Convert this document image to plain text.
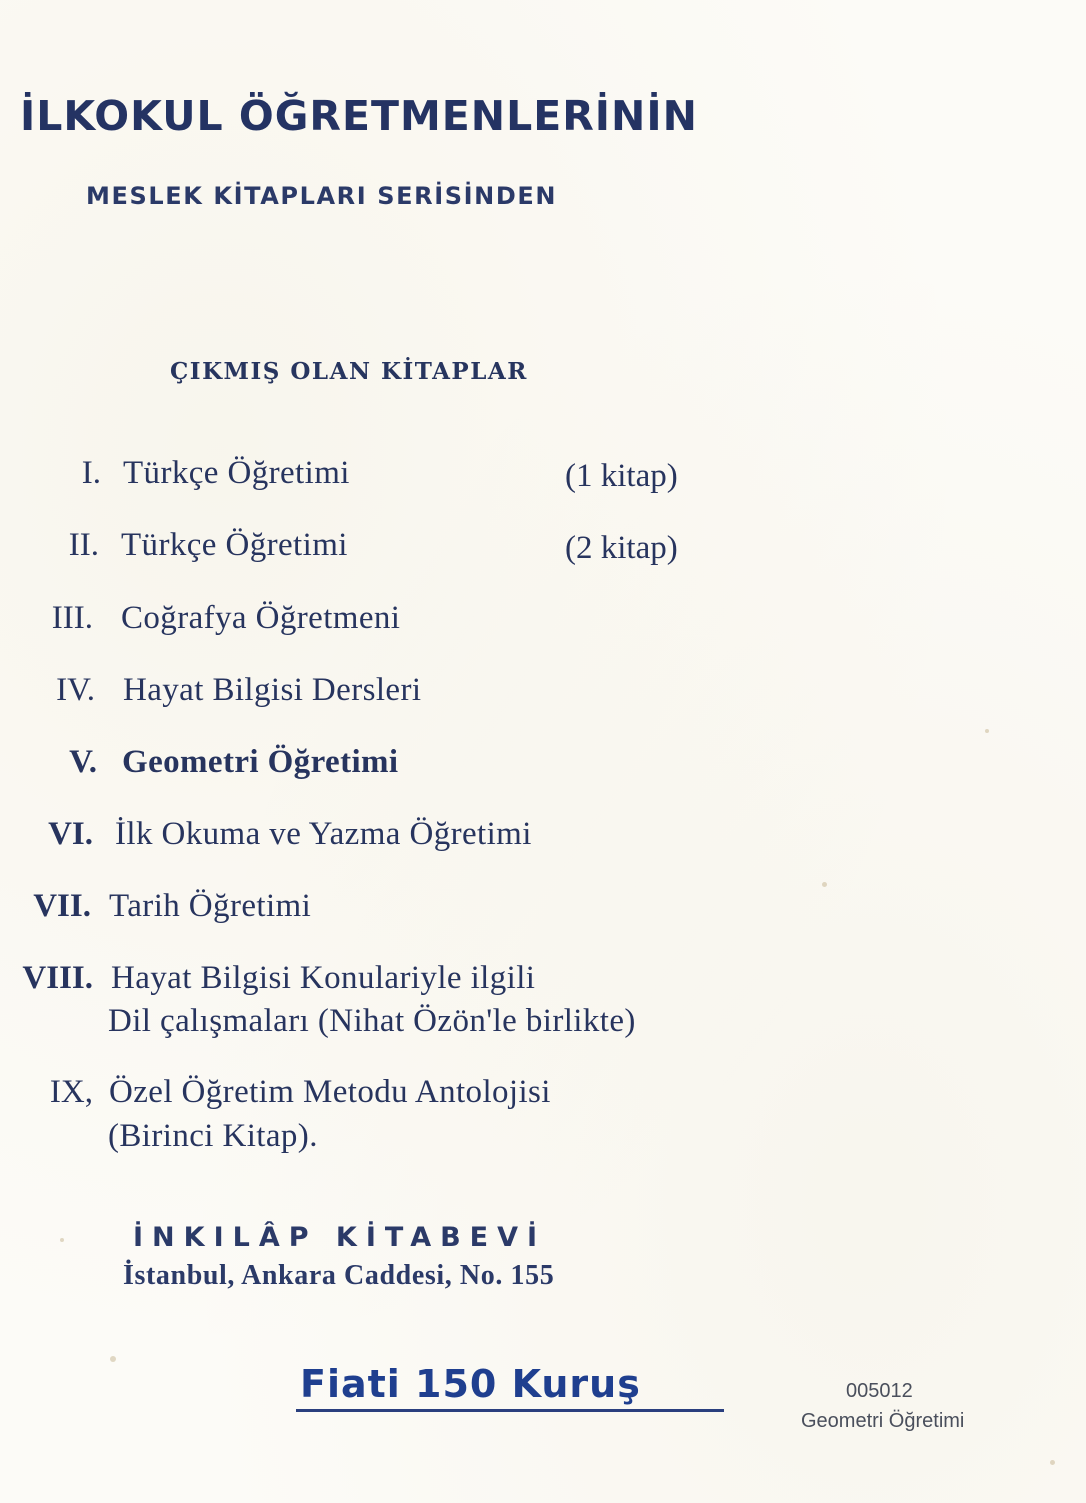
İLKOKUL ÖĞRETMENLERİNİN
MESLEK KİTAPLARI SERİSİNDEN
ÇIKMIŞ OLAN KİTAPLAR
I. Türkçe Öğretimi	(1 kitap)
II. Türkçe Öğretimi	(2 kitap)
III. Coğrafya Öğretmeni
IV. Hayat Bilgisi Dersleri
V. Geometri Öğretimi
VI. İlk Okuma ve Yazma Öğretimi
VII. Tarih Öğretimi
VIII. Hayat Bilgisi Konulariyle ilgili
Dil çalışmaları (Nihat Özön'le birlikte)
IX, Özel Öğretim Metodu Antolojisi
(Birinci Kitap).
İNKILÂP KİTABEVİ
İstanbul, Ankara Caddesi, No. 155
Fiati 150 Kuruş	005012
Geometri Öğretimi
